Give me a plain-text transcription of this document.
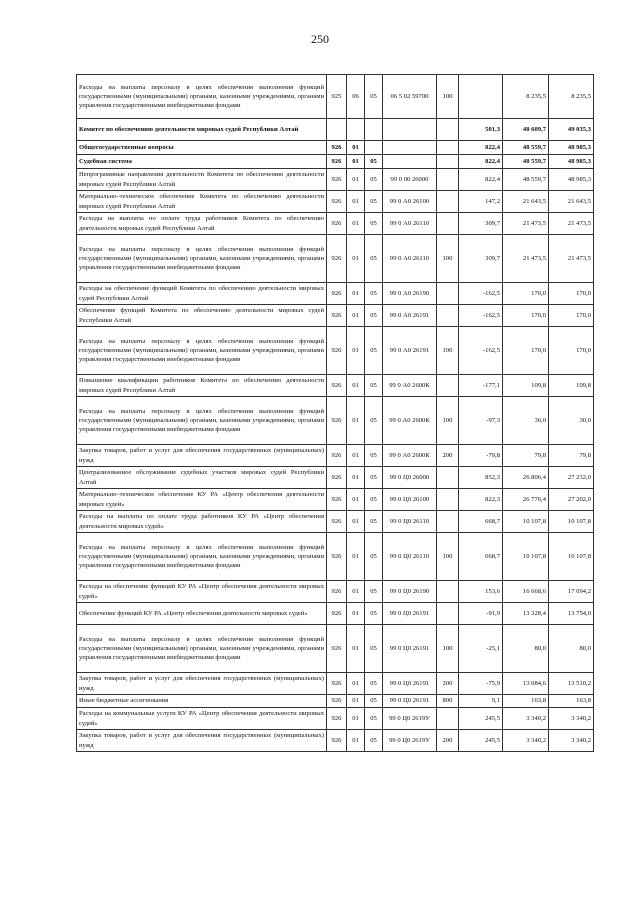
250
Расходы на выплаты персоналу в целях обеспечения выполнения функций государственными (муниципальными) органами, казенными учреждениями, органами управления государственными внебюджетными фондами	925	06	05	06 5 02 59700	100		8 235,5	8 235,5
Комитет по обеспечению деятельности мировых судей Республики Алтай						501,3	48 609,7	49 035,3
Общегосударственные вопросы	926	01				822,4	48 559,7	48 985,3
Судебная система	926	01	05			822,4	48 559,7	48 985,3
Непрограммные направления деятельности Комитета по обеспечению деятельности мировых судей Республики Алтай	926	01	05	99 0 00 26000		822,4	48 559,7	48 985,3
Материально–техническое обеспечение Комитета по обеспечению деятельности мировых судей Республики Алтай	926	01	05	99 0 А0 26100		147,2	21 643,5	21 643,5
Расходы на выплаты по оплате труда работников Комитета по обеспечению деятельности мировых судей Республики Алтай	926	01	05	99 0 А0 26110		309,7	21 473,5	21 473,5
Расходы на выплаты персоналу в целях обеспечения выполнения функций государственными (муниципальными) органами, казенными учреждениями, органами управления государственными внебюджетными фондами	926	01	05	99 0 А0 26110	100	309,7	21 473,5	21 473,5
Расходы на обеспечение функций Комитета по обеспечению деятельности мировых судей Республики Алтай	926	01	05	99 0 А0 26190		-162,5	170,0	170,0
Обеспечение функций Комитета по обеспечению деятельности мировых судей Республики Алтай	926	01	05	99 0 А0 26191		-162,5	170,0	170,0
Расходы на выплаты персоналу в целях обеспечения выполнения функций государственными (муниципальными) органами, казенными учреждениями, органами управления государственными внебюджетными фондами	926	01	05	99 0 А0 26191	100	-162,5	170,0	170,0
Повышение квалификации работников Комитета по обеспечению деятельности мировых судей Республики Алтай	926	01	05	99 0 А0 2600К		-177,1	109,8	109,8
Расходы на выплаты персоналу в целях обеспечения выполнения функций государственными (муниципальными) органами, казенными учреждениями, органами управления государственными внебюджетными фондами	926	01	05	99 0 А0 2600К	100	-97,3	30,0	30,0
Закупка товаров, работ и услуг для обеспечения государственных (муниципальных) нужд	926	01	05	99 0 А0 2600К	200	-79,8	79,8	79,8
Централизованное обслуживание судебных участков мировых судей Республики Алтай	926	01	05	99 0 Ц0 26000		852,3	26 806,4	27 232,0
Материально–техническое обеспечение КУ РА «Центр обеспечения деятельности мировых судей»	926	01	05	99 0 Ц0 26100		822,3	26 776,4	27 202,0
Расходы на выплаты по оплате труда работников КУ РА «Центр обеспечения деятельности мировых судей»	926	01	05	99 0 Ц0 26110		668,7	10 107,8	10 107,8
Расходы на выплаты персоналу в целях обеспечения выполнения функций государственными (муниципальными) органами, казенными учреждениями, органами управления государственными внебюджетными фондами	926	01	05	99 0 Ц0 26110	100	668,7	10 107,8	10 107,8
Расходы на обеспечение функций КУ РА «Центр обеспечения деятельности мировых судей»	926	01	05	99 0 Ц0 26190		153,6	16 668,6	17 094,2
Обеспечение функций КУ РА «Центр обеспечения деятельности мировых судей»	926	01	05	99 0 Ц0 26191		-91,9	13 328,4	13 754,0
Расходы на выплаты персоналу в целях обеспечения выполнения функций государственными (муниципальными) органами, казенными учреждениями, органами управления государственными внебюджетными фондами	926	01	05	99 0 Ц0 26191	100	-25,1	80,0	80,0
Закупка товаров, работ и услуг для обеспечения государственных (муниципальных) нужд	926	01	05	99 0 Ц0 26191	200	-75,9	13 084,6	13 510,2
Иные бюджетные ассигнования	926	01	05	99 0 Ц0 26191	800	9,1	163,8	163,8
Расходы на коммунальные услуги КУ РА «Центр обеспечения деятельности мировых судей»	926	01	05	99 0 Ц0 2619У		245,5	3 340,2	3 340,2
Закупка товаров, работ и услуг для обеспечения государственных (муниципальных) нужд	926	01	05	99 0 Ц0 2619У	200	245,5	3 340,2	3 340,2
